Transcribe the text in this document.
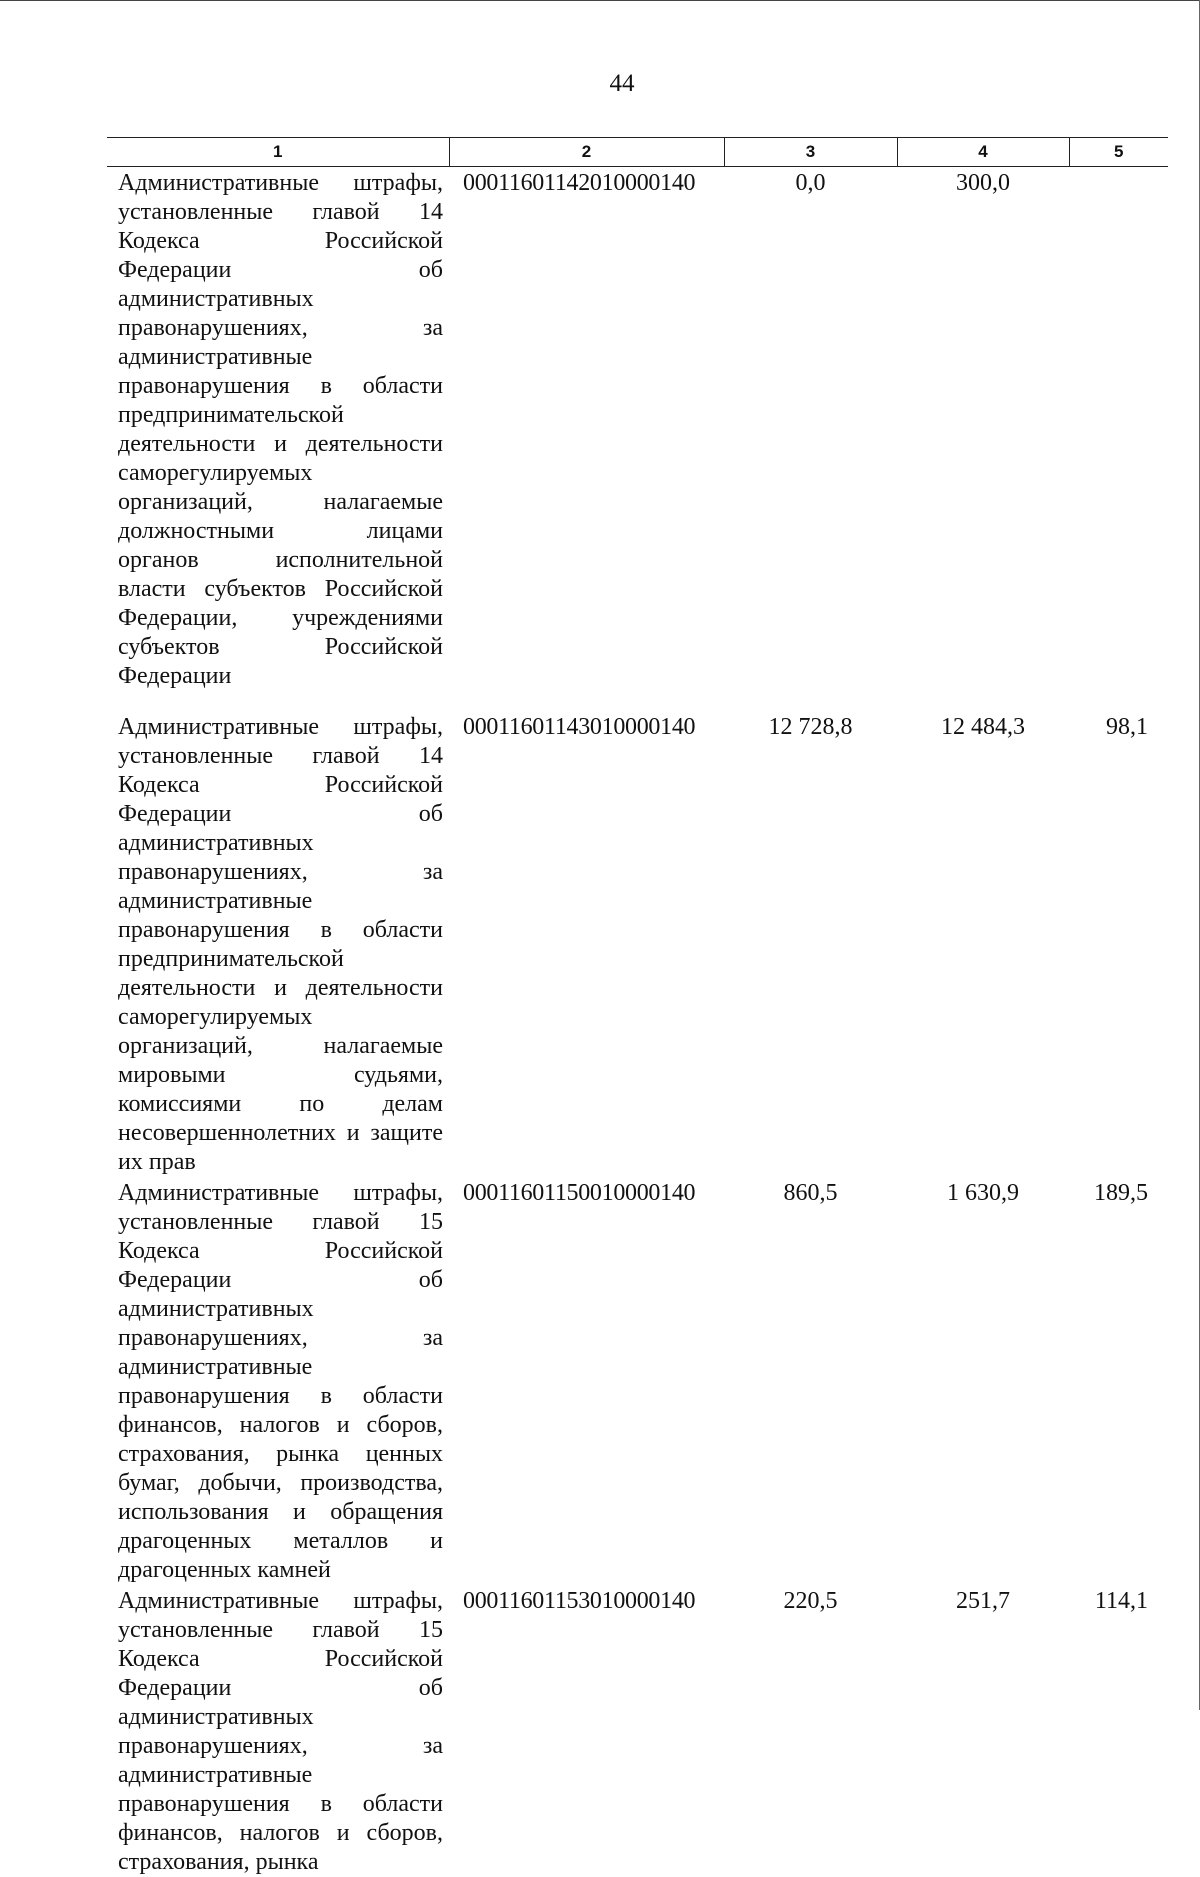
44
1	2	3	4	5
Административные штрафы, установленные главой 14 Кодекса Российской Федерации об административных правонарушениях, за административные правонарушения в области предпринимательской деятельности и деятельности саморегулируемых организаций, налагаемые должностными лицами органов исполнительной власти субъектов Российской Федерации, учреждениями субъектов Российской Федерации	00011601142010000140	0,0	300,0	
Административные штрафы, установленные главой 14 Кодекса Российской Федерации об административных правонарушениях, за административные правонарушения в области предпринимательской деятельности и деятельности саморегулируемых организаций, налагаемые мировыми судьями, комиссиями по делам несовершеннолетних и защите их прав	00011601143010000140	12 728,8	12 484,3	98,1
Административные штрафы, установленные главой 15 Кодекса Российской Федерации об административных правонарушениях, за административные правонарушения в области финансов, налогов и сборов, страхования, рынка ценных бумаг, добычи, производства, использования и обращения драгоценных металлов и драгоценных камней	00011601150010000140	860,5	1 630,9	189,5
Административные штрафы, установленные главой 15 Кодекса Российской Федерации об административных правонарушениях, за административные правонарушения в области финансов, налогов и сборов, страхования, рынка	00011601153010000140	220,5	251,7	114,1
